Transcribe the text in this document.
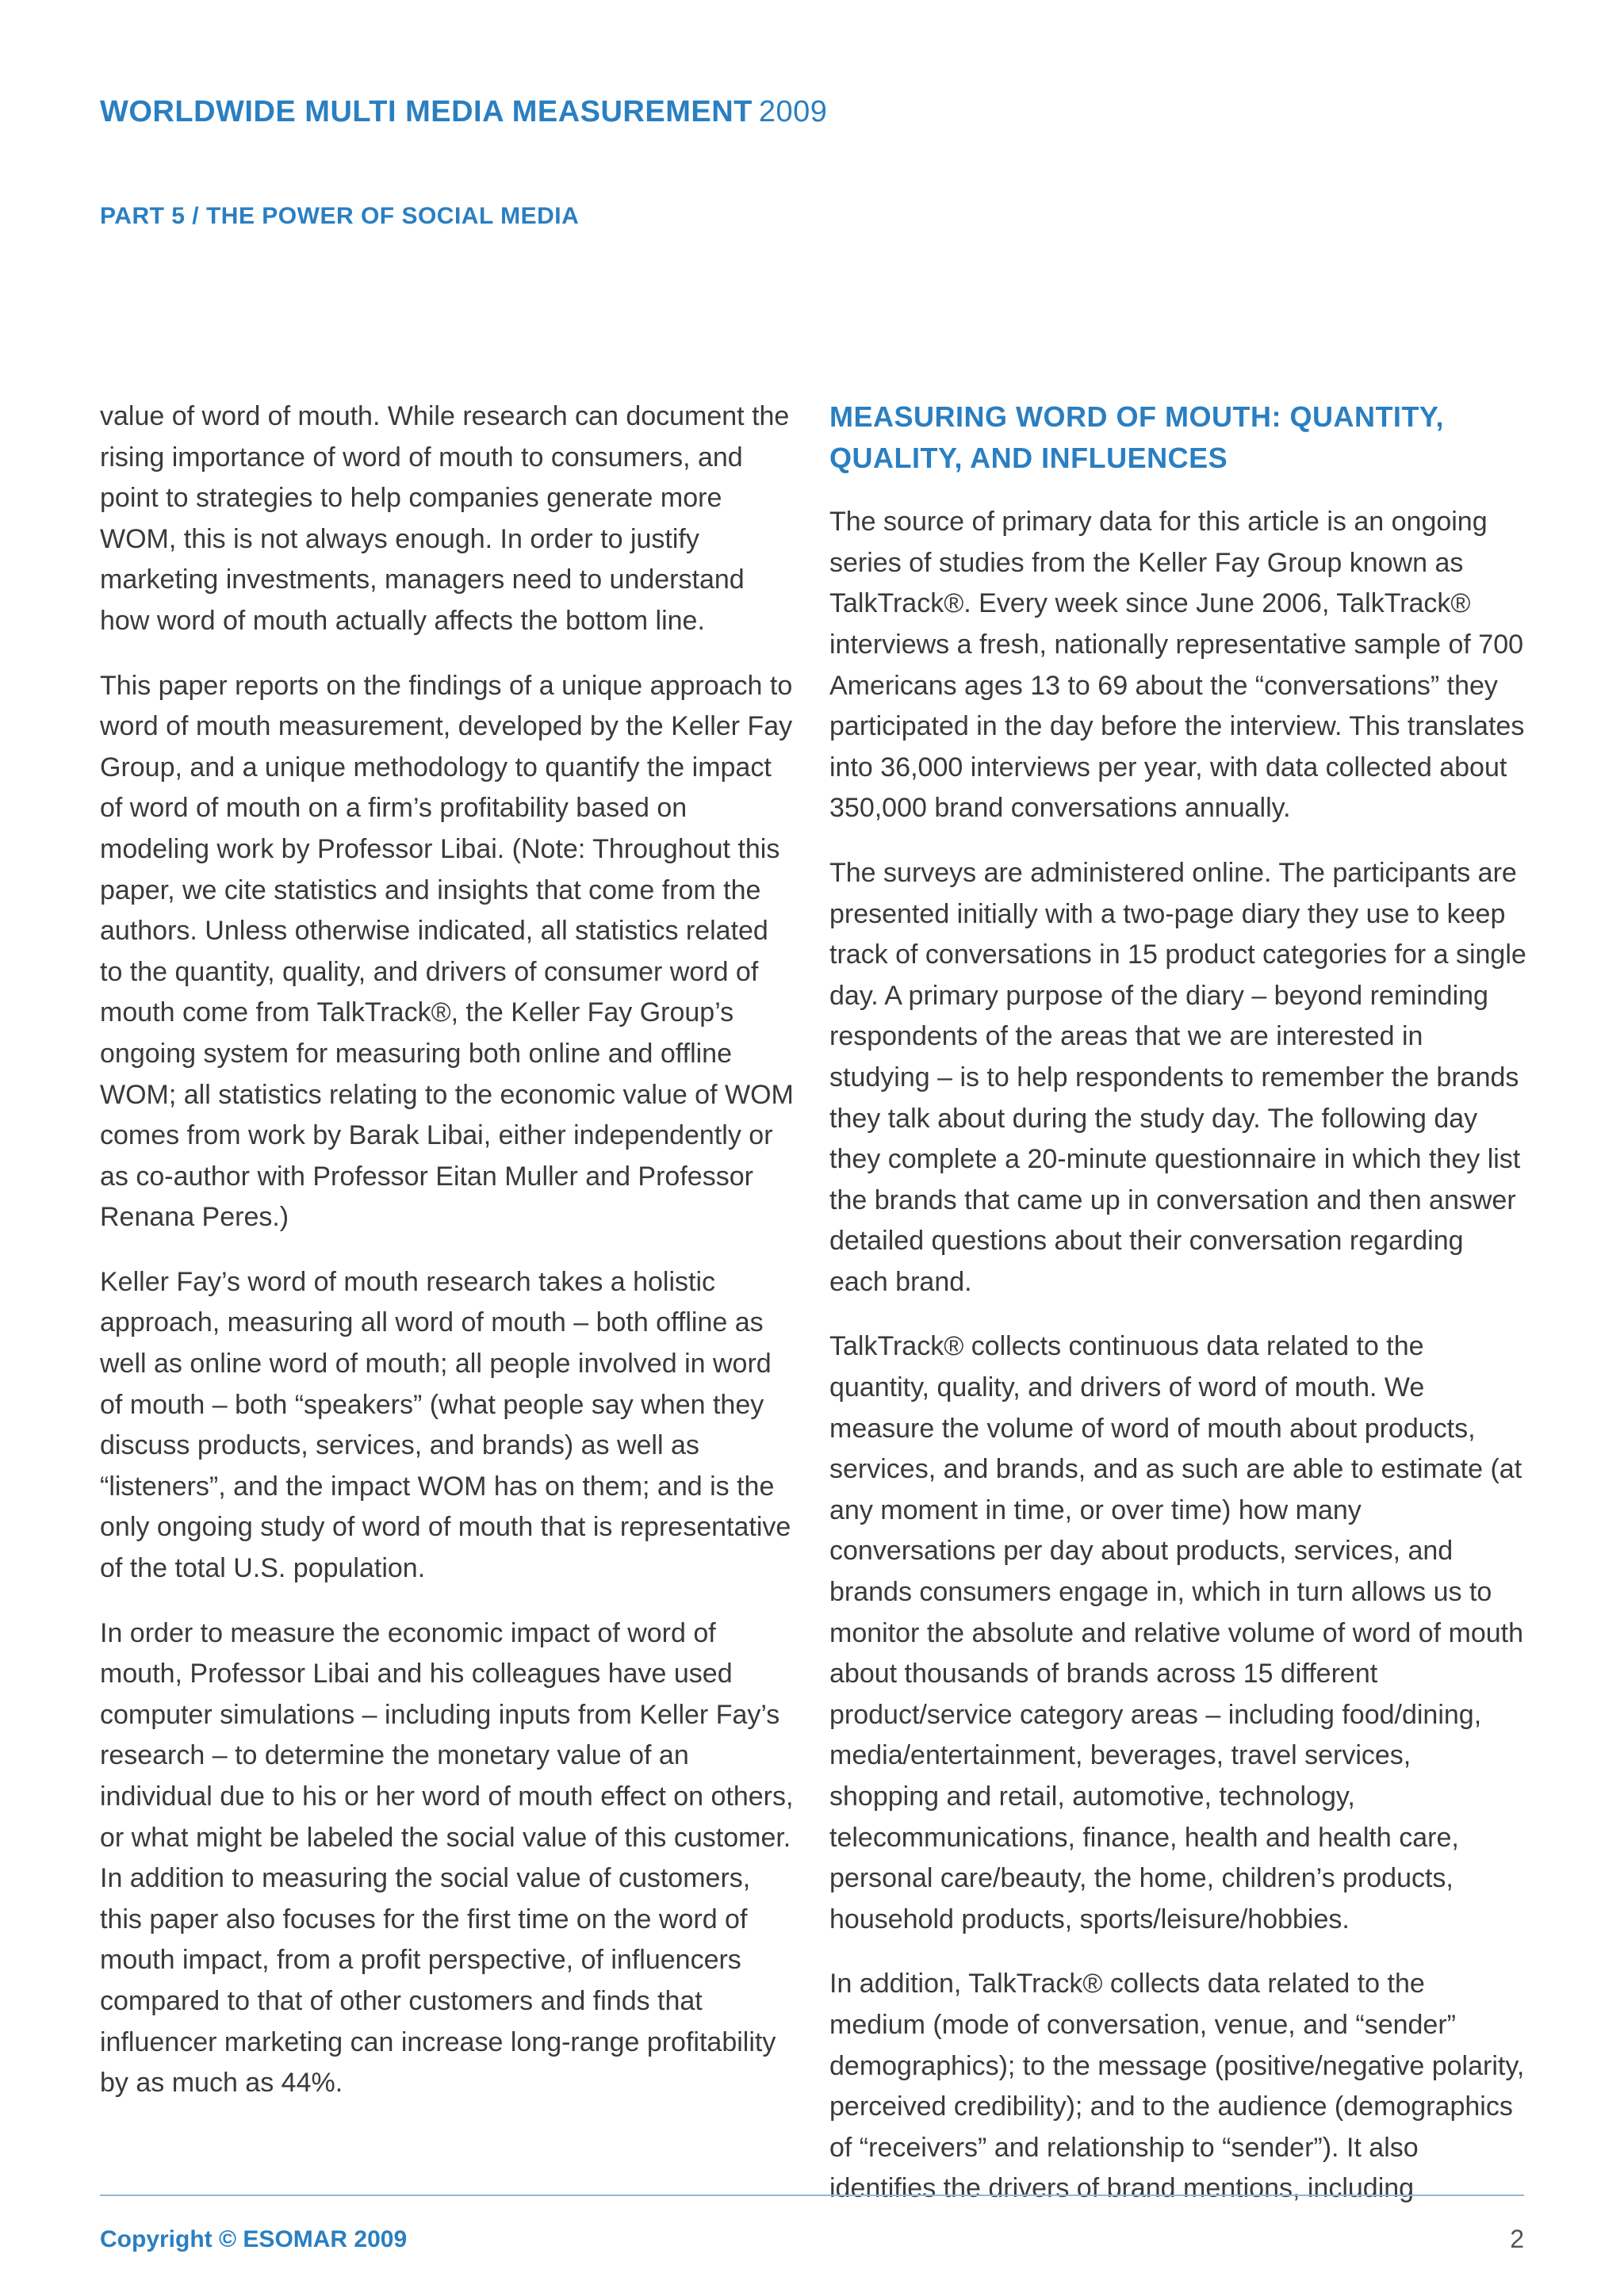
WORLDWIDE MULTI MEDIA MEASUREMENT 2009
PART 5 / THE POWER OF SOCIAL MEDIA

value of word of mouth. While research can document the rising importance of word of mouth to consumers, and point to strategies to help companies generate more WOM, this is not always enough. In order to justify marketing investments, managers need to understand how word of mouth actually affects the bottom line.

This paper reports on the findings of a unique approach to word of mouth measurement, developed by the Keller Fay Group, and a unique methodology to quantify the impact of word of mouth on a firm’s profitability based on modeling work by Professor Libai. (Note: Throughout this paper, we cite statistics and insights that come from the authors. Unless otherwise indicated, all statistics related to the quantity, quality, and drivers of consumer word of mouth come from TalkTrack®, the Keller Fay Group’s ongoing system for measuring both online and offline WOM; all statistics relating to the economic value of WOM comes from work by Barak Libai, either independently or as co-author with Professor Eitan Muller and Professor Renana Peres.)

Keller Fay’s word of mouth research takes a holistic approach, measuring all word of mouth – both offline as well as online word of mouth; all people involved in word of mouth – both “speakers” (what people say when they discuss products, services, and brands) as well as “listeners”, and the impact WOM has on them; and is the only ongoing study of word of mouth that is representative of the total U.S. population.

In order to measure the economic impact of word of mouth, Professor Libai and his colleagues have used computer simulations – including inputs from Keller Fay’s research – to determine the monetary value of an individual due to his or her word of mouth effect on others, or what might be labeled the social value of this customer. In addition to measuring the social value of customers, this paper also focuses for the first time on the word of mouth impact, from a profit perspective, of influencers compared to that of other customers and finds that influencer marketing can increase long-range profitability by as much as 44%.

MEASURING WORD OF MOUTH: QUANTITY, QUALITY, AND INFLUENCES

The source of primary data for this article is an ongoing series of studies from the Keller Fay Group known as TalkTrack®. Every week since June 2006, TalkTrack® interviews a fresh, nationally representative sample of 700 Americans ages 13 to 69 about the “conversations” they participated in the day before the interview. This translates into 36,000 interviews per year, with data collected about 350,000 brand conversations annually.

The surveys are administered online. The participants are presented initially with a two-page diary they use to keep track of conversations in 15 product categories for a single day. A primary purpose of the diary – beyond reminding respondents of the areas that we are interested in studying – is to help respondents to remember the brands they talk about during the study day. The following day they complete a 20-minute questionnaire in which they list the brands that came up in conversation and then answer detailed questions about their conversation regarding each brand.

TalkTrack® collects continuous data related to the quantity, quality, and drivers of word of mouth. We measure the volume of word of mouth about products, services, and brands, and as such are able to estimate (at any moment in time, or over time) how many conversations per day about products, services, and brands consumers engage in, which in turn allows us to monitor the absolute and relative volume of word of mouth about thousands of brands across 15 different product/service category areas – including food/dining, media/entertainment, beverages, travel services, shopping and retail, automotive, technology, telecommunications, finance, health and health care, personal care/beauty, the home, children’s products, household products, sports/leisure/hobbies.

In addition, TalkTrack® collects data related to the medium (mode of conversation, venue, and “sender” demographics); to the message (positive/negative polarity, perceived credibility); and to the audience (demographics of “receivers” and relationship to “sender”). It also identifies the drivers of brand mentions, including

Copyright © ESOMAR 2009	2
